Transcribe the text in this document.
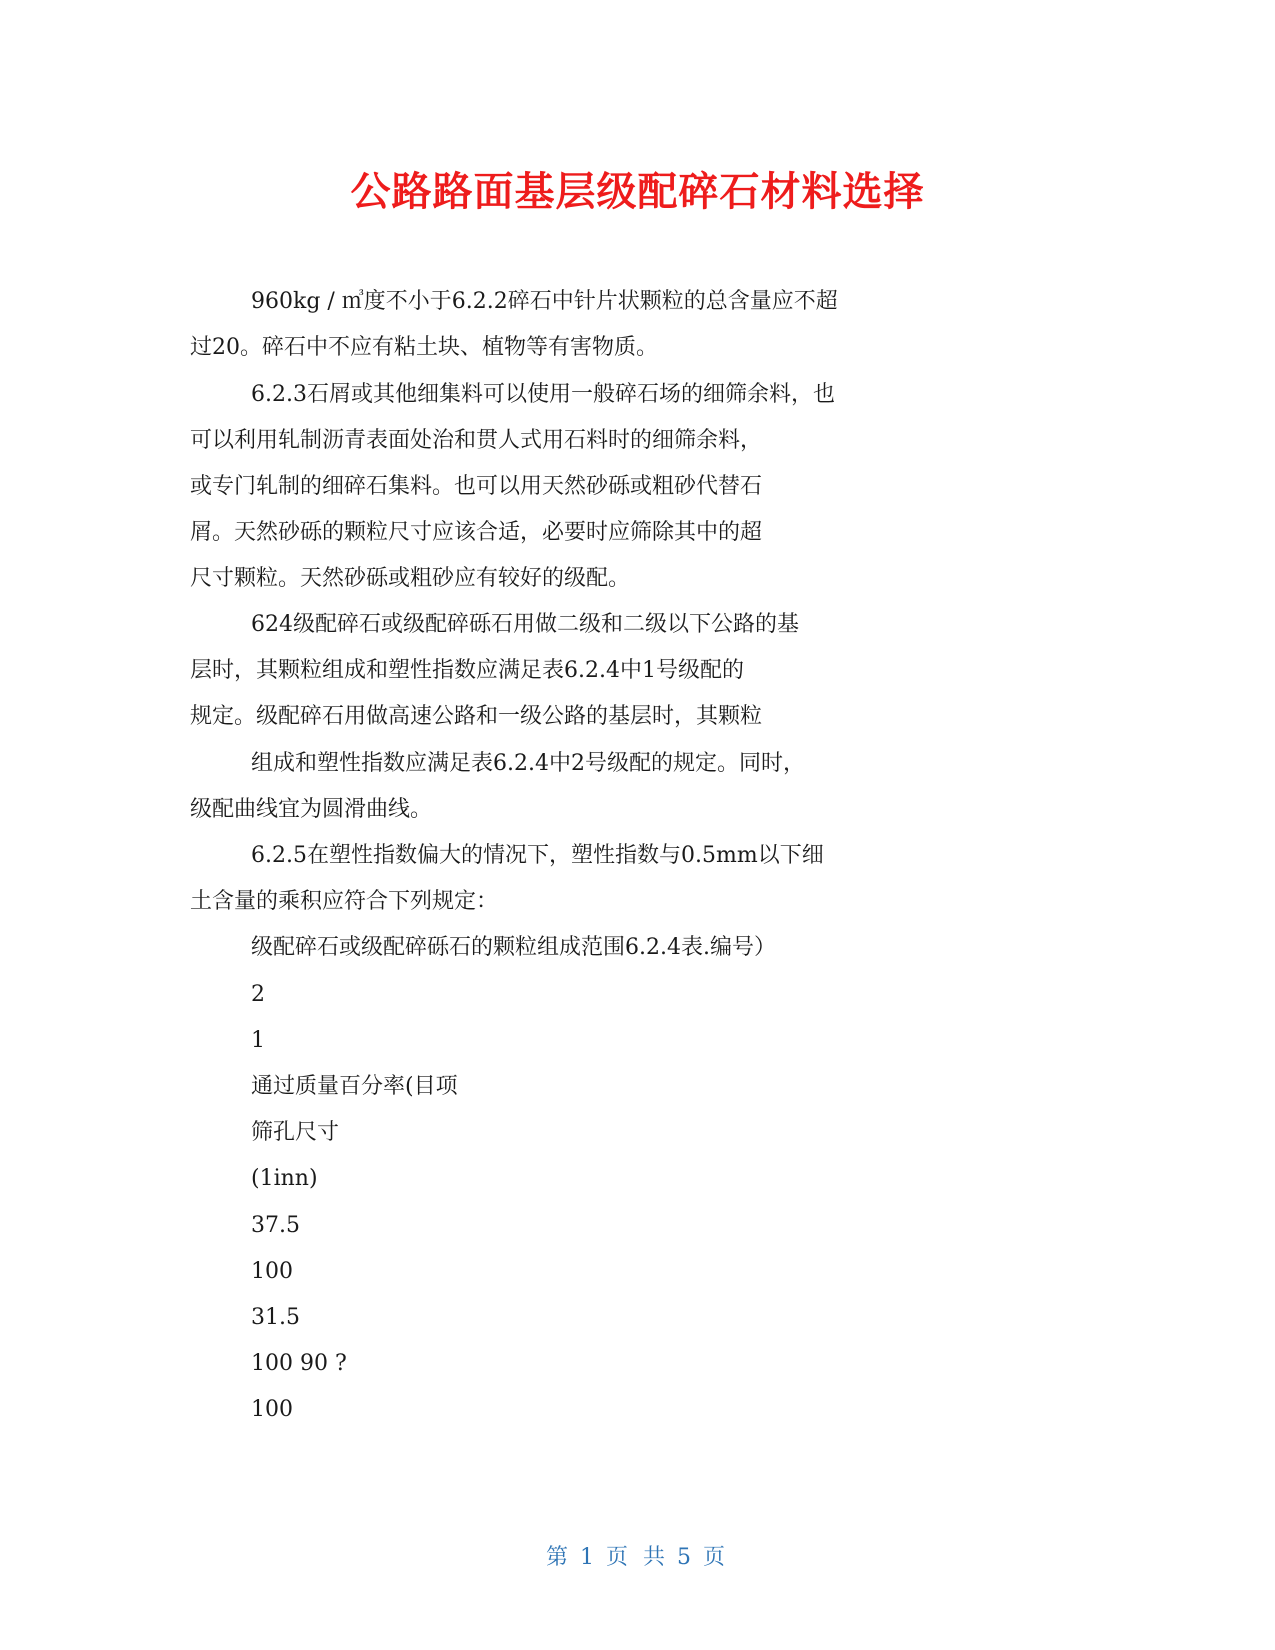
公路路面基层级配碎石材料选择

960kg / ㎥度不小于6.2.2碎石中针片状颗粒的总含量应不超

过20。碎石中不应有粘土块、植物等有害物质。

6.2.3石屑或其他细集料可以使用一般碎石场的细筛余料，也

可以利用轧制沥青表面处治和贯人式用石料时的细筛余料，

或专门轧制的细碎石集料。也可以用天然砂砾或粗砂代替石

屑。天然砂砾的颗粒尺寸应该合适，必要时应筛除其中的超

尺寸颗粒。天然砂砾或粗砂应有较好的级配。

624级配碎石或级配碎砾石用做二级和二级以下公路的基

层时，其颗粒组成和塑性指数应满足表6.2.4中1号级配的

规定。级配碎石用做高速公路和一级公路的基层时，其颗粒

组成和塑性指数应满足表6.2.4中2号级配的规定。同时，

级配曲线宜为圆滑曲线。

6.2.5在塑性指数偏大的情况下，塑性指数与0.5mm以下细

土含量的乘积应符合下列规定：

级配碎石或级配碎砾石的颗粒组成范围6.2.4表.编号）

2

1

通过质量百分率(目项

筛孔尺寸

(1inn)

37.5

100

31.5

100 90 ?

100

第 1 页 共 5 页
